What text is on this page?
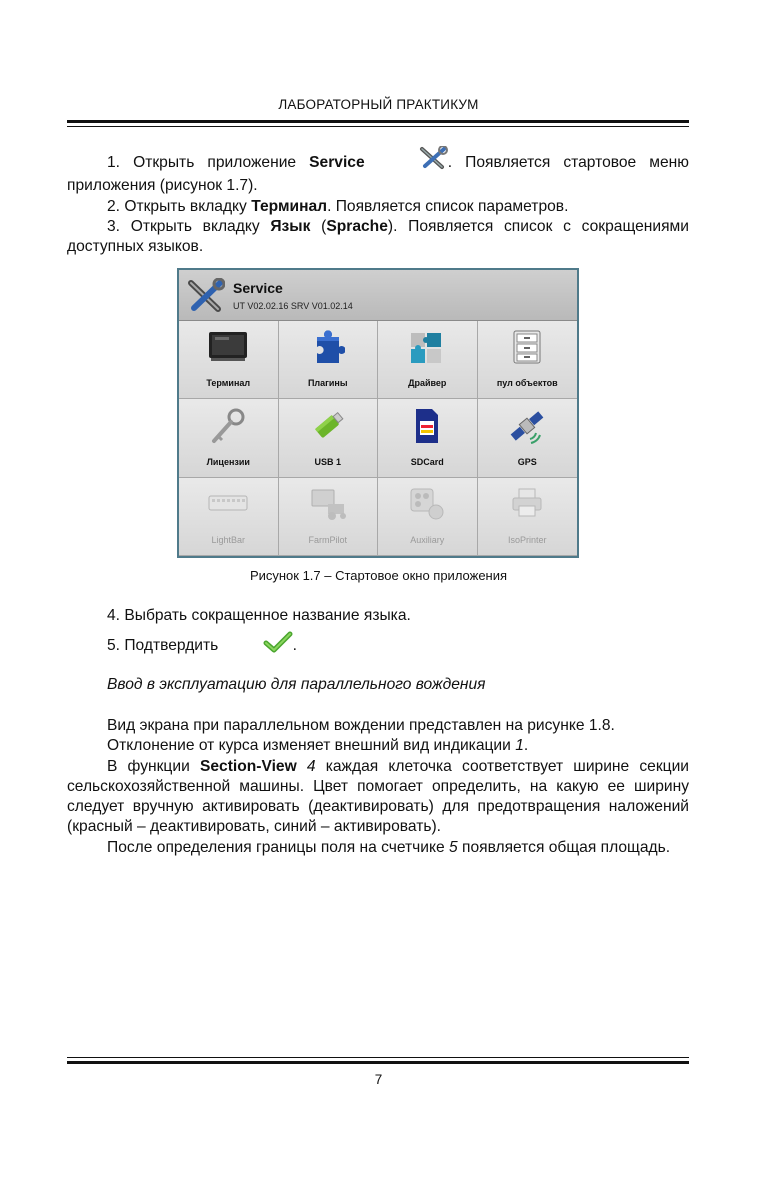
ЛАБОРАТОРНЫЙ ПРАКТИКУМ

1. Открыть приложение Service	. Появляется стартовое меню приложения (рисунок 1.7).

2. Открыть вкладку Терминал. Появляется список параметров.

3. Открыть вкладку Язык (Sprache). Появляется список с сокращениями доступных языков.

Service
UT V02.02.16 SRV V01.02.14
Терминал	Плагины	Драйвер	пул объектов
Лицензии	USB 1	SDCard	GPS
LightBar	FarmPilot	Auxiliary	IsoPrinter
Рисунок 1.7 – Стартовое окно приложения

4. Выбрать сокращенное название языка.

5. Подтвердить	.

Ввод в эксплуатацию для параллельного вождения

Вид экрана при параллельном вождении представлен на рисунке 1.8.

Отклонение от курса изменяет внешний вид индикации 1.

В функции Section-View 4 каждая клеточка соответствует ширине секции сельскохозяйственной машины. Цвет помогает определить, на какую ее ширину следует вручную активировать (деактивировать) для предотвращения наложений (красный – деактивировать, синий – активировать).

После определения границы поля на счетчике 5 появляется общая площадь.

7
